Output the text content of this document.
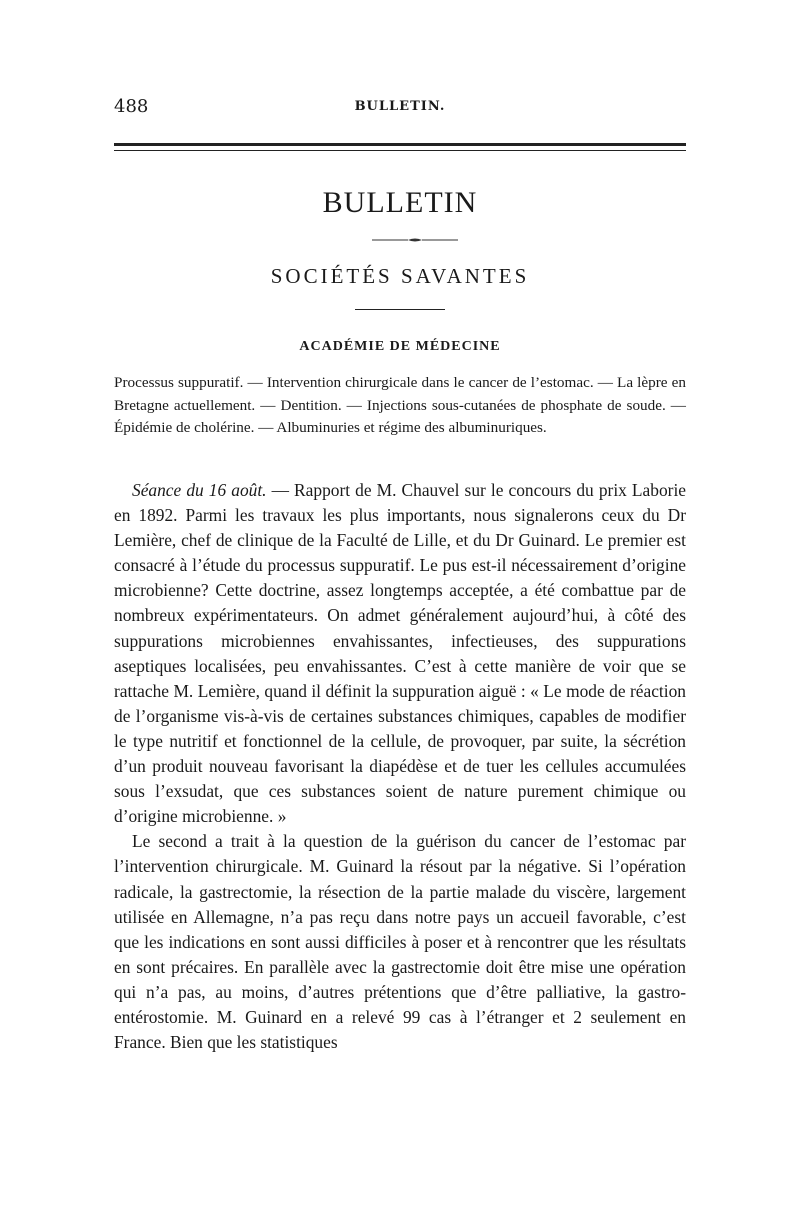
488	BULLETIN.
BULLETIN
SOCIÉTÉS SAVANTES
ACADÉMIE DE MÉDECINE
Processus suppuratif. — Intervention chirurgicale dans le cancer de l’estomac. — La lèpre en Bretagne actuellement. — Dentition. — Injections sous-cutanées de phosphate de soude. — Épidémie de cholérine. — Albuminuries et régime des albuminuriques.

Séance du 16 août. — Rapport de M. Chauvel sur le concours du prix Laborie en 1892. Parmi les travaux les plus importants, nous signalerons ceux du Dr Lemière, chef de clinique de la Faculté de Lille, et du Dr Guinard. Le premier est consacré à l’étude du processus suppuratif. Le pus est-il nécessairement d’origine microbienne? Cette doctrine, assez longtemps acceptée, a été combattue par de nombreux expérimentateurs. On admet généralement aujourd’hui, à côté des suppurations microbiennes envahissantes, infectieuses, des suppurations aseptiques localisées, peu envahissantes. C’est à cette manière de voir que se rattache M. Lemière, quand il définit la suppuration aiguë : « Le mode de réaction de l’organisme vis-à-vis de certaines substances chimiques, capables de modifier le type nutritif et fonctionnel de la cellule, de provoquer, par suite, la sécrétion d’un produit nouveau favorisant la diapédèse et de tuer les cellules accumulées sous l’exsudat, que ces substances soient de nature purement chimique ou d’origine microbienne. »

Le second a trait à la question de la guérison du cancer de l’estomac par l’intervention chirurgicale. M. Guinard la résout par la négative. Si l’opération radicale, la gastrectomie, la résection de la partie malade du viscère, largement utilisée en Allemagne, n’a pas reçu dans notre pays un accueil favorable, c’est que les indications en sont aussi difficiles à poser et à rencontrer que les résultats en sont précaires. En parallèle avec la gastrectomie doit être mise une opération qui n’a pas, au moins, d’autres prétentions que d’être palliative, la gastro-entérostomie. M. Guinard en a relevé 99 cas à l’étranger et 2 seulement en France. Bien que les statistiques
